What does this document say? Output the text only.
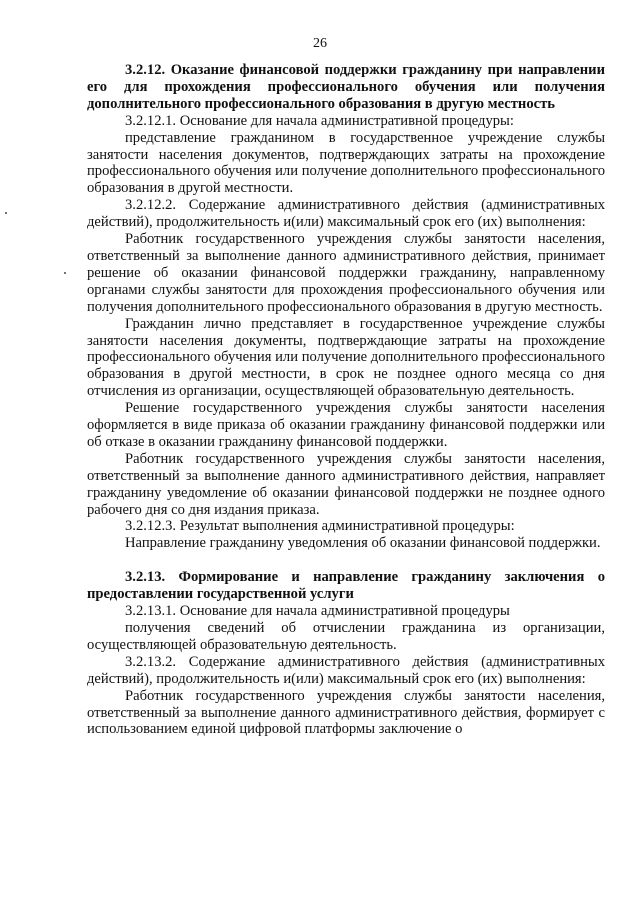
26

3.2.12. Оказание финансовой поддержки гражданину при направлении его для прохождения профессионального обучения или получения дополнительного профессионального образования в другую местность

3.2.12.1. Основание для начала административной процедуры:

представление гражданином в государственное учреждение службы занятости населения документов, подтверждающих затраты на прохождение профессионального обучения или получение дополнительного профессионального образования в другой местности.

3.2.12.2. Содержание административного действия (административных действий), продолжительность и(или) максимальный срок его (их) выполнения:

Работник государственного учреждения службы занятости населения, ответственный за выполнение данного административного действия, принимает решение об оказании финансовой поддержки гражданину, направленному органами службы занятости для прохождения профессионального обучения или получения дополнительного профессионального образования в другую местность.

Гражданин лично представляет в государственное учреждение службы занятости населения документы, подтверждающие затраты на прохождение профессионального обучения или получение дополнительного профессионального образования в другой местности, в срок не позднее одного месяца со дня отчисления из организации, осуществляющей образовательную деятельность.

Решение государственного учреждения службы занятости населения оформляется в виде приказа об оказании гражданину финансовой поддержки или об отказе в оказании гражданину финансовой поддержки.

Работник государственного учреждения службы занятости населения, ответственный за выполнение данного административного действия, направляет гражданину уведомление об оказании финансовой поддержки не позднее одного рабочего дня со дня издания приказа.

3.2.12.3. Результат выполнения административной процедуры:

Направление гражданину уведомления об оказании финансовой поддержки.

3.2.13. Формирование и направление гражданину заключения о предоставлении государственной услуги

3.2.13.1. Основание для начала административной процедуры

получения сведений об отчислении гражданина из организации, осуществляющей образовательную деятельность.

3.2.13.2. Содержание административного действия (административных действий), продолжительность и(или) максимальный срок его (их) выполнения:

Работник государственного учреждения службы занятости населения, ответственный за выполнение данного административного действия, формирует с использованием единой цифровой платформы заключение о
